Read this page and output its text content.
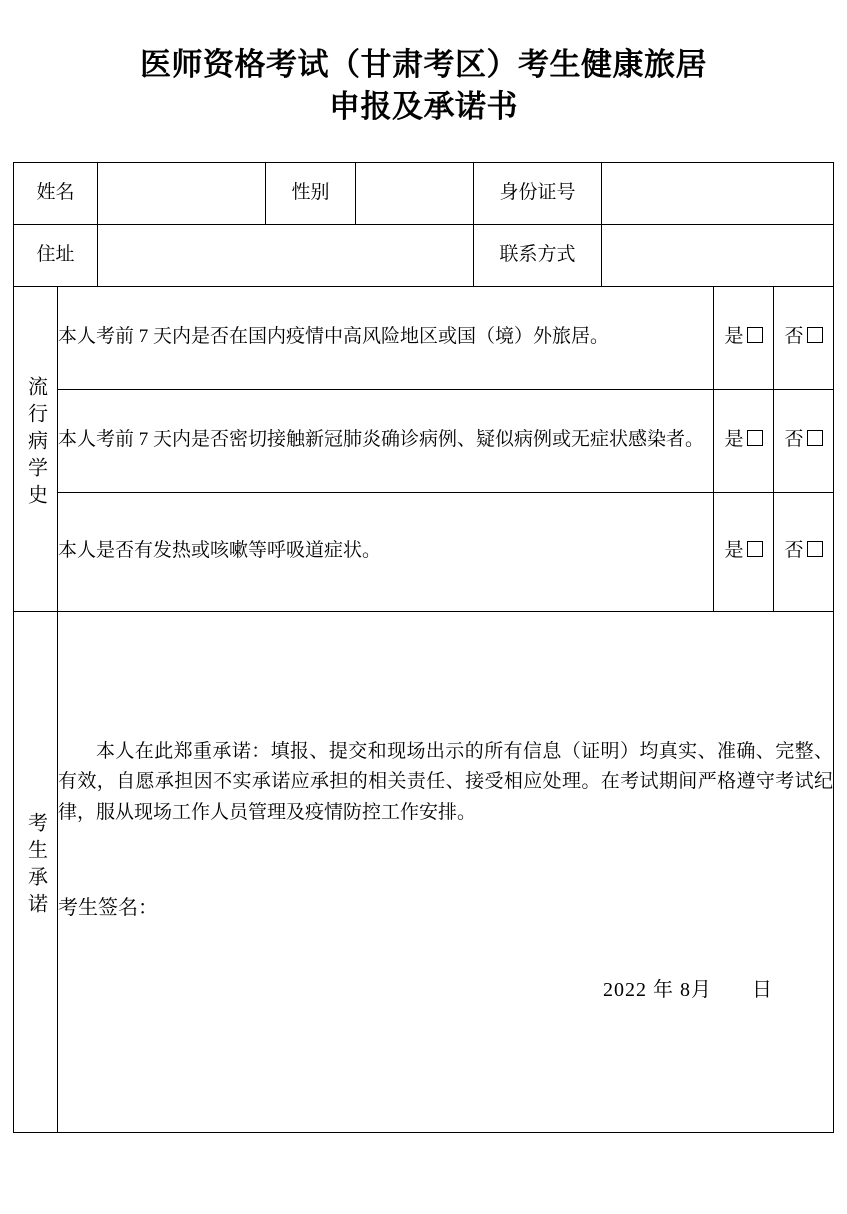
医师资格考试（甘肃考区）考生健康旅居
申报及承诺书
姓名			性别		身份证号			
住址					联系方式			
流行病学史	本人考前 7 天内是否在国内疫情中高风险地区或国（境）外旅居。						是	否
	本人考前 7 天内是否密切接触新冠肺炎确诊病例、疑似病例或无症状感染者。						是	否
	本人是否有发热或咳嗽等呼吸道症状。						是	否
考生承诺	本人在此郑重承诺：填报、提交和现场出示的所有信息（证明）均真实、准确、完整、有效，自愿承担因不实承诺应承担的相关责任、接受相应处理。在考试期间严格遵守考试纪律，服从现场工作人员管理及疫情防控工作安排。

考生签名：
2022 年 8月 日							
